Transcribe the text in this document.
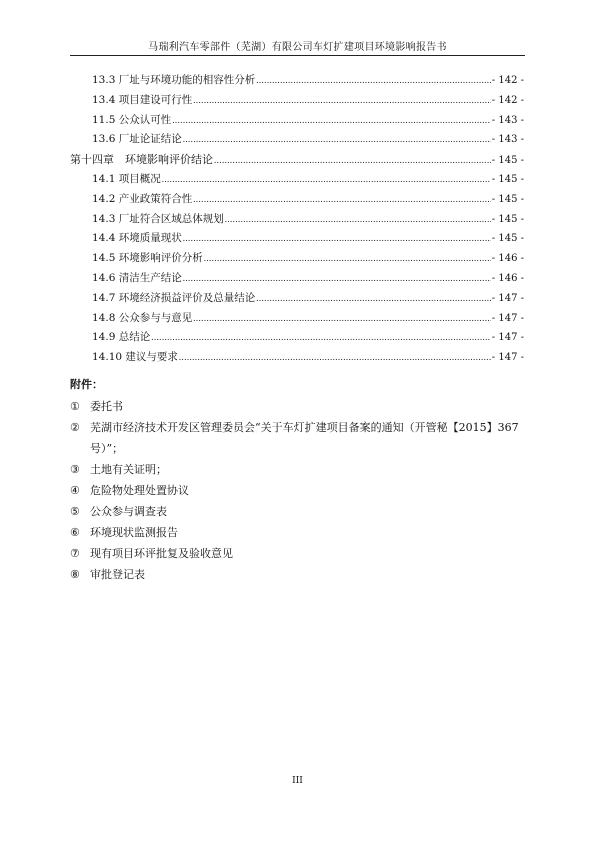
马瑞利汽车零部件（芜湖）有限公司车灯扩建项目环境影响报告书
13.3 厂址与环境功能的相容性分析 .....	- 142 -
13.4 项目建设可行性 .....	- 142 -
11.5 公众认可性 .....	- 143 -
13.6 厂址论证结论 .....	- 143 -
第十四章　环境影响评价结论 .....	- 145 -
14.1 项目概况 .....	- 145 -
14.2 产业政策符合性 .....	- 145 -
14.3 厂址符合区域总体规划 .....	- 145 -
14.4 环境质量现状 .....	- 145 -
14.5 环境影响评价分析 .....	- 146 -
14.6 清洁生产结论 .....	- 146 -
14.7 环境经济损益评价及总量结论 .....	- 147 -
14.8 公众参与与意见 .....	- 147 -
14.9 总结论 .....	- 147 -
14.10 建议与要求 .....	- 147 -
附件：
① 委托书
② 芜湖市经济技术开发区管理委员会“关于车灯扩建项目备案的通知（开管秘【2015】367号）”；
③ 土地有关证明；
④ 危险物处理处置协议
⑤ 公众参与调查表
⑥ 环境现状监测报告
⑦ 现有项目环评批复及验收意见
⑧ 审批登记表
III
